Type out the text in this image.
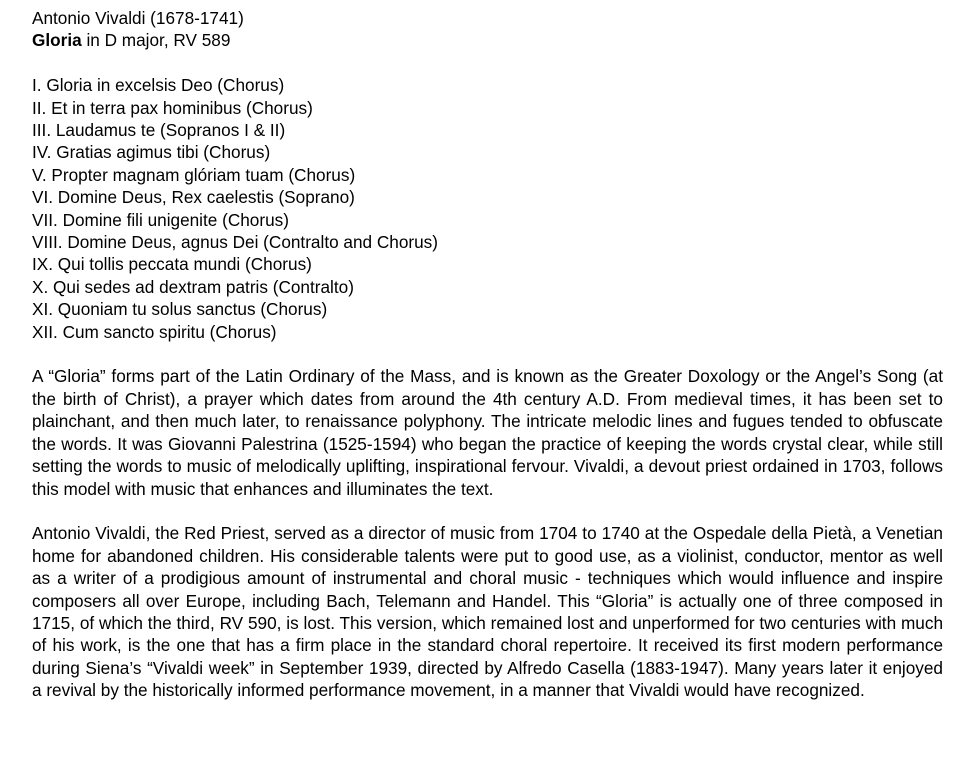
Antonio Vivaldi (1678-1741)
Gloria in D major, RV 589
I. Gloria in excelsis Deo (Chorus)
II. Et in terra pax hominibus (Chorus)
III. Laudamus te (Sopranos I & II)
IV. Gratias agimus tibi (Chorus)
V. Propter magnam glóriam tuam (Chorus)
VI. Domine Deus, Rex caelestis (Soprano)
VII. Domine fili unigenite (Chorus)
VIII. Domine Deus, agnus Dei (Contralto and Chorus)
IX. Qui tollis peccata mundi (Chorus)
X. Qui sedes ad dextram patris (Contralto)
XI. Quoniam tu solus sanctus (Chorus)
XII. Cum sancto spiritu (Chorus)

A “Gloria” forms part of the Latin Ordinary of the Mass, and is known as the Greater Doxology or the Angel’s Song (at the birth of Christ), a prayer which dates from around the 4th century A.D. From medieval times, it has been set to plainchant, and then much later, to renaissance polyphony. The intricate melodic lines and fugues tended to obfuscate the words. It was Giovanni Palestrina (1525-1594) who began the practice of keeping the words crystal clear, while still setting the words to music of melodically uplifting, inspirational fervour. Vivaldi, a devout priest ordained in 1703, follows this model with music that enhances and illuminates the text.

Antonio Vivaldi, the Red Priest, served as a director of music from 1704 to 1740 at the Ospedale della Pietà, a Venetian home for abandoned children. His considerable talents were put to good use, as a violinist, conductor, mentor as well as a writer of a prodigious amount of instrumental and choral music - techniques which would influence and inspire composers all over Europe, including Bach, Telemann and Handel. This “Gloria” is actually one of three composed in 1715, of which the third, RV 590, is lost. This version, which remained lost and unperformed for two centuries with much of his work, is the one that has a firm place in the standard choral repertoire. It received its first modern performance during Siena’s “Vivaldi week” in September 1939, directed by Alfredo Casella (1883-1947). Many years later it enjoyed a revival by the historically informed performance movement, in a manner that Vivaldi would have recognized.
